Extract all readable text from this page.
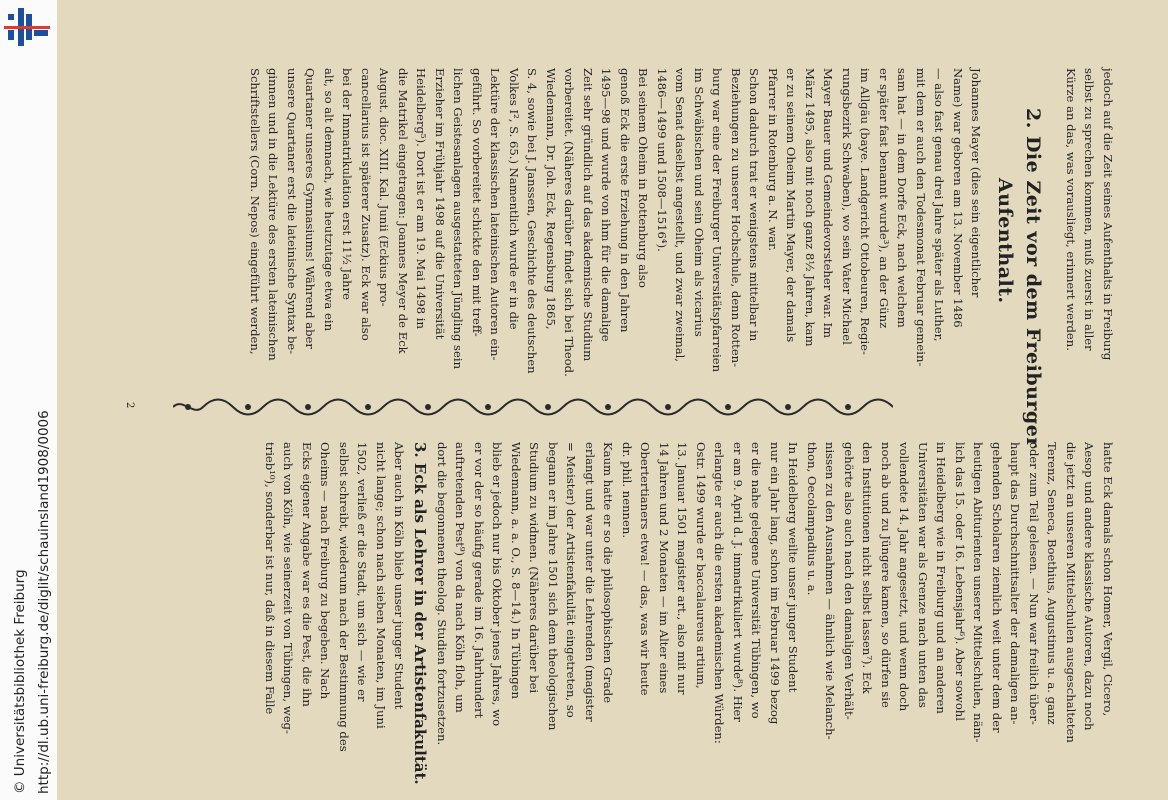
http://dl.ub.uni-freiburg.de/diglit/schauinsland1908/0006
© Universitätsbibliothek Freiburg
jedoch auf die Zeit seines Aufenthalts in Freiburg
selbst zu sprechen kommen, muß zuerst in aller
Kürze an das, was vorausliegt, erinnert werden.
2. Die Zeit vor dem Freiburger
Aufenthalt.
Johannes Mayer (dies sein eigentlicher
Name) war geboren am 13. November 1486
— also fast genau drei Jahre später als Luther,
mit dem er auch den Todesmonat Februar gemein-
sam hat — in dem Dorfe Eck, nach welchem
er später fast benannt wurde³), an der Günz
im Allgäu (baye. Landgericht Ottobeuren, Regie-
rungsbezirk Schwaben), wo sein Vater Michael
Mayer Bauer und Gemeindevorsteher war. Im
März 1495, also mit noch ganz 8½ Jahren, kam
er zu seinem Oheim Martin Mayer, der damals
Pfarrer in Rotenburg a. N. war.
Schon dadurch trat er wenigstens mittelbar in
Beziehungen zu unserer Hochschule, denn Rotten-
burg war eine der Freiburger Universitätspfarreien
im Schwäbischen und sein Oheim als vicarius
vom Senat daselbst angestellt, und zwar zweimal,
1486—1499 und 1508—1516⁴).
Bei seinem Oheim in Rottenburg also
genoß Eck die erste Erziehung in den Jahren
1495—98 und wurde von ihm für die damalige
Zeit sehr gründlich auf das akademische Studium
vorbereitet. (Näheres darüber findet sich bei Theod.
Wiedemann, Dr. Joh. Eck, Regensburg 1865,
S. 4, sowie bei J. Janssen, Geschichte des deutschen
Volkes I², S. 65.) Namentlich wurde er in die
Lektüre der klassischen lateinischen Autoren ein-
geführt. So vorbereitet schickte den mit treff-
lichen Geistesanlagen ausgestatteten Jüngling sein
Erzieher im Frühjahr 1498 auf die Universität
Heidelberg⁵). Dort ist er am 19. Mai 1498 in
die Matrikel eingetragen: Joannes Meyer de Eck
August. dioc. XIII. Kal. Junii (Eckius pro-
cancellarius ist späterer Zusatz). Eck war also
bei der Immatrikulation erst 11½ Jahre
alt, so alt demnach, wie heutzutage etwa ein
Quartaner unseres Gymnasiums! Während aber
unsere Quartaner erst die lateinische Syntax be-
ginnen und in die Lektüre des ersten lateinischen
Schriftstellers (Corn. Nepos) eingeführt werden,
2
hatte Eck damals schon Homer, Vergil, Cicero,
Aesop und andere klassische Autoren, dazu noch
die jetzt an unseren Mittelschulen ausgeschalteten
Terenz, Seneca, Boethius, Augustinus u. a. ganz
oder zum Teil gelesen. — Nun war freilich über-
haupt das Durchschnittsalter der damaligen an-
gehenden Scholaren ziemlich weit unter dem der
heutigen Abiturienten unserer Mittelschulen, näm-
lich das 15. oder 16. Lebensjahr⁶). Aber sowohl
in Heidelberg wie in Freiburg und an anderen
Universitäten war als Grenze nach unten das
vollendete 14. Jahr angesetzt, und wenn doch
noch ab und zu Jüngere kamen, so dürfen sie
den Institutionen nicht selbst lassen⁷). Eck
gehörte also auch nach den damaligen Verhält-
nissen zu den Ausnahmen — ähnlich wie Melanch-
thon, Oecolampadius u. a.
In Heidelberg weilte unser junger Student
nur ein Jahr lang, schon im Februar 1499 bezog
er die nahe gelegene Universität Tübingen, wo
er am 9. April d. J. immatrikuliert wurde⁸). Hier
erlangte er auch die ersten akademischen Würden:
Ostr. 1499 wurde er baccalaureus artium,
13. Januar 1501 magister art., also mit nur
14 Jahren und 2 Monaten — im Alter eines
Obertertianers etwa! — das, was wir heute
dr. phil. nennen.
Kaum hatte er so die philosophischen Grade
erlangt und war unter die Lehrenden (magister
= Meister) der Artistenfakultät eingetreten, so
begann er im Jahre 1501 sich dem theologischen
Studium zu widmen. (Näheres darüber bei
Wiedemann, a. a. O., S. 8—14.) In Tübingen
blieb er jedoch nur bis Oktober jenes Jahres, wo
er vor der so häufig gerade im 16. Jahrhundert
auftretenden Pest⁹) von da nach Köln floh, um
dort die begonnenen theolog. Studien fortzusetzen.
3. Eck als Lehrer in der Artistenfakultät.
Aber auch in Köln blieb unser junger Student
nicht lange; schon nach sieben Monaten, im Juni
1502, verließ er die Stadt, um sich — wie er
selbst schreibt, wiederum nach der Bestimmung des
Oheims — nach Freiburg zu begeben. Nach
Ecks eigener Angabe war es die Pest, die ihn
auch von Köln, wie seinerzeit von Tübingen, weg-
trieb¹⁰), sonderbar ist nur, daß in diesem Falle
